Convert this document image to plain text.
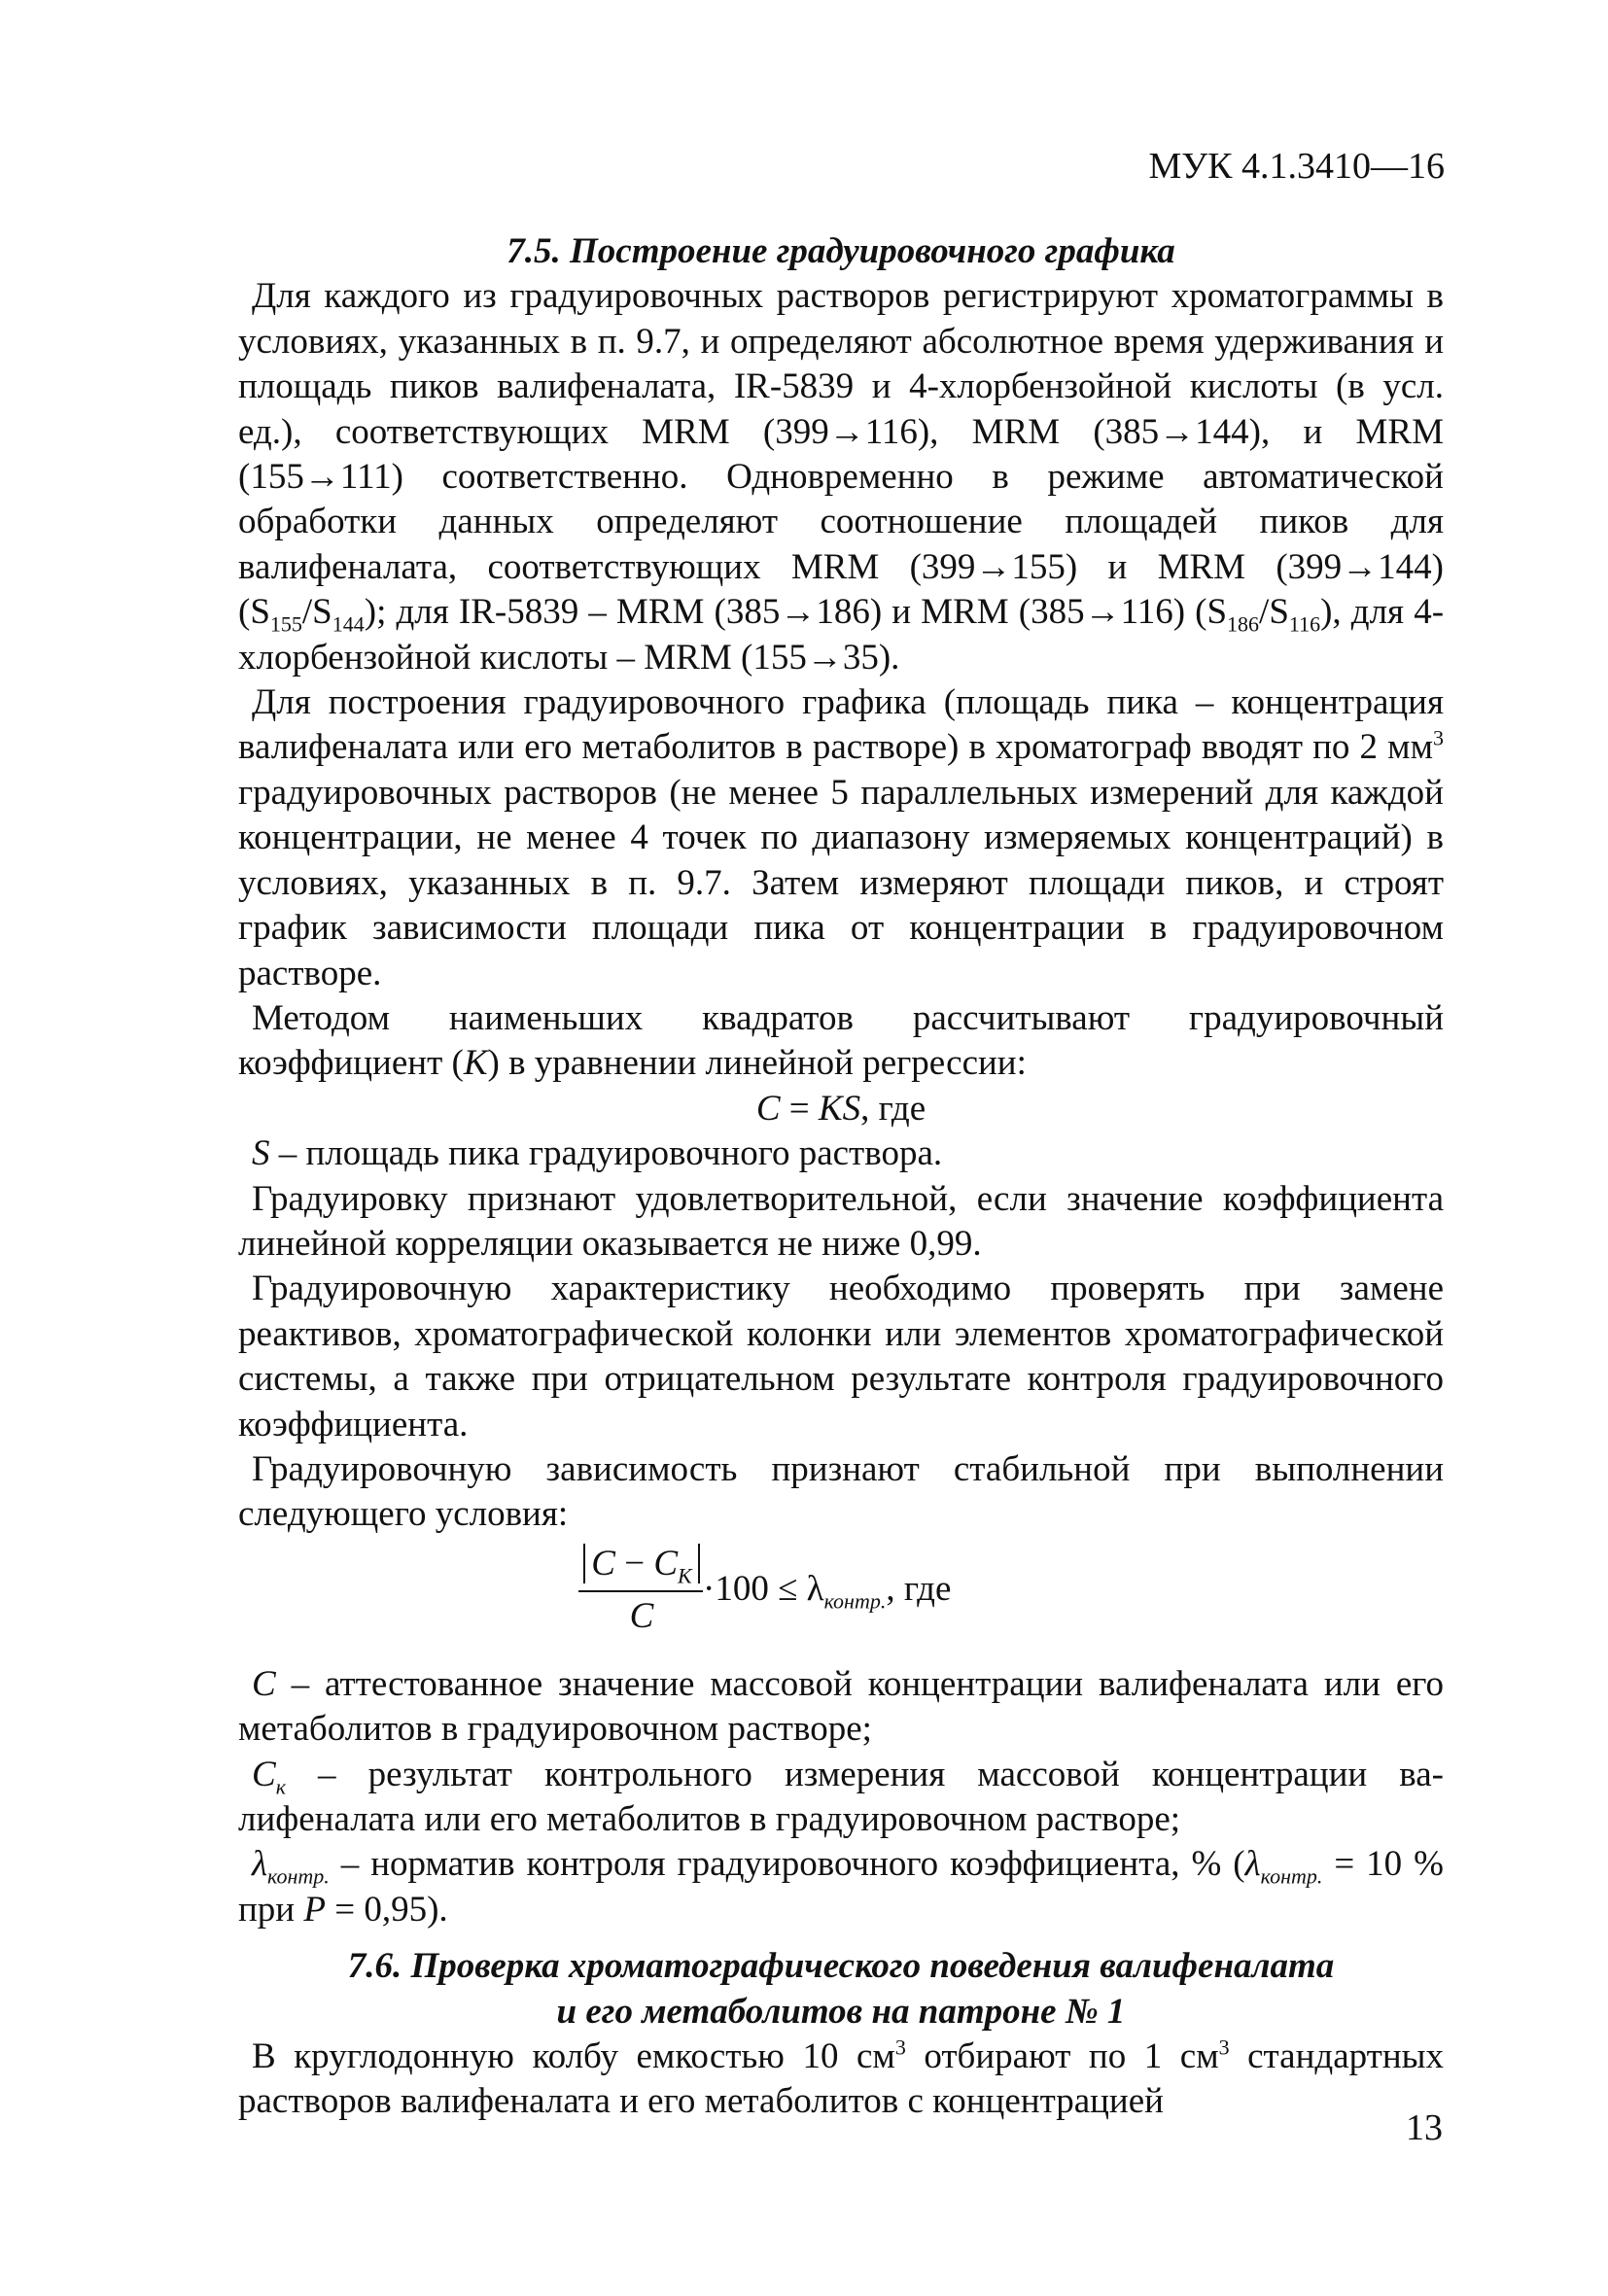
МУК 4.1.3410—16
7.5. Построение градуировочного графика

Для каждого из градуировочных растворов регистрируют хроматограммы в условиях, указанных в п. 9.7, и определяют абсолютное время удерживания и площадь пиков валифеналата, IR-5839 и 4-хлорбензойной кислоты (в усл. ед.), соответствующих MRM (399→116), MRM (385→144), и MRM (155→111) соответственно. Одновременно в режиме автоматической обработки данных определяют соотношение площадей пиков для валифеналата, соответствующих MRM (399→155) и MRM (399→144) $(S_{155}/S_{144})$; для IR-5839 – MRM (385→186) и MRM (385→116) $(S_{186}/S_{116})$, для 4-хлорбензойной кислоты – MRM (155→35).

Для построения градуировочного графика (площадь пика – концентрация валифеналата или его метаболитов в растворе) в хроматограф вводят по 2 $мм^3$ градуировочных растворов (не менее 5 параллельных измерений для каждой концентрации, не менее 4 точек по диапазону измеряемых концентраций) в условиях, указанных в п. 9.7. Затем измеряют площади пиков, и строят график зависимости площади пика от концентрации в градуировочном растворе.

Методом наименьших квадратов рассчитывают градуировочный коэффициент (K) в уравнении линейной регрессии:

C = KS, где

S – площадь пика градуировочного раствора.

Градуировку признают удовлетворительной, если значение коэффициента линейной корреляции оказывается не ниже 0,99.

Градуировочную характеристику необходимо проверять при замене реактивов, хроматографической колонки или элементов хроматографической системы, а также при отрицательном результате контроля градуировочного коэффициента.

Градуировочную зависимость признают стабильной при выполнении следующего условия:

$C - C_K$
C
$\cdot 100 \le \lambda_{контр.}$, где

C – аттестованное значение массовой концентрации валифеналата или его метаболитов в градуировочном растворе;

$C_к$ – результат контрольного измерения массовой концентрации валифеналата или его метаболитов в градуировочном растворе;

$\lambda_{контр.}$ – норматив контроля градуировочного коэффициента, % ($\lambda_{контр.} = 10$ % при P = 0,95).

7.6. Проверка хроматографического поведения валифеналата
и его метаболитов на патроне № 1

В круглодонную колбу емкостью 10 $см^3$ отбирают по 1 $см^3$ стандартных растворов валифеналата и его метаболитов с концентрацией

13
